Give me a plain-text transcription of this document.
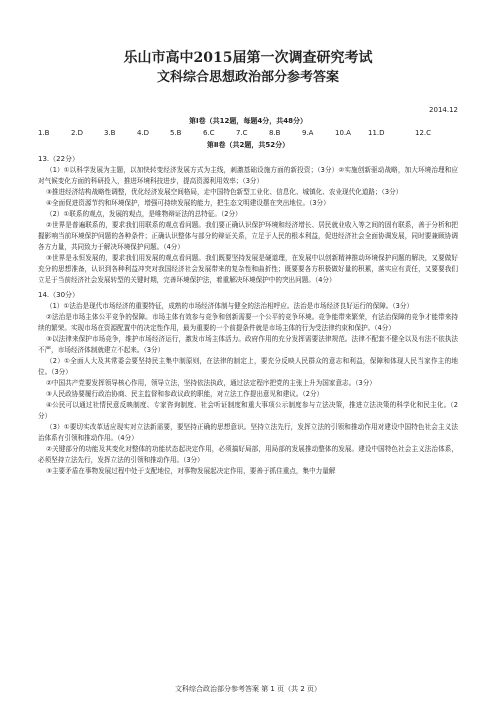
乐山市高中2015届第一次调查研究考试
文科综合思想政治部分参考答案
2014.12
第Ⅰ卷（共12题，每题4分，共48分）
1.B	2.D	3.B	4.D	5.B	6.C	7.C	8.B	9.A	10.A	11.D	12.C
第Ⅱ卷（共2题，共52分）
13.（22分）

（1）①以科学发展为主题，以加快转变经济发展方式为主线，刺激基础设施方面的新投资；（3分）②实施创新驱动战略，加大环境治理和应对气候变化方面的科研投入，推进环境科技进步，提高资源利用效率；（3分）

③推进经济结构战略性调整，优化经济发展空间格局，走中国特色新型工业化、信息化、城镇化、农业现代化道路；（3分）

④全面促进资源节约和环境保护，增强可持续发展的能力，把生态文明建设摆在突出地位。（3分）

（2）①联系的观点，发展的观点，是唯物辩证法的总特征。（2分）

②世界是普遍联系的，要求我们用联系的观点看问题。我们要正确认识保护环境和经济增长、居民就业收入等之间的固有联系，善于分析和把握影响当前环境保护问题的各种条件；正确认识整体与部分的辩证关系，立足于人民的根本利益，促进经济社会全面协调发展，同时要兼顾协调各方力量，共同致力于解决环境保护问题。（4分）

③世界是永恒发展的，要求我们用发展的观点看问题。我们既要坚持发展是硬道理，在发展中以创新精神推动环境保护问题的解决，又要做好充分的思想准备，认识到各种利益冲突对我国经济社会发展带来的复杂性和曲折性；既要要各方积极做好量的积累，落实应有责任，又要要我们立足于当前经济社会发展转型的关键时期，完善环境保护法，着重解决环境保护中的突出问题。（4分）

14.（30分）

（1）①法治是现代市场经济的重要特征，成熟的市场经济体制与健全的法治相呼应。法治是市场经济良好运行的保障。（3分）

②法治是市场主体公平竞争的保障。市场主体有效参与竞争和创新需要一个公平的竞争环境。竞争能带来繁荣，有法治保障的竞争才能带来持续的繁荣。实现市场在资源配置中的决定性作用，最为重要的一个前提条件就是市场主体的行为受法律约束和保护。（4分）

③以法律来保护市场竞争，维护市场经济运行，激发市场主体活力。政府作用的充分发挥需要法律规范。法律不配套不健全以及有法不依执法不严，市场经济体制就建立不起来。（3分）

（2）①全面人大及其常委会要坚持民主集中制原则，在法律的制定上，要充分反映人民群众的意志和利益，保障和体现人民当家作主的地位。（3分）

②中国共产党要发挥领导核心作用，领导立法，坚持依法执政，通过法定程序把党的主张上升为国家意志。（3分）

③人民政协要履行政治协商、民主监督和参政议政的职能，对立法工作提出意见和建议。（2分）

④公民可以通过社情民意反映制度、专家咨询制度、社会听证制度和重大事项公示制度参与立法决策，推进立法决策的科学化和民主化。（2分）

（3）①要切实改革适应现实对立法新需要，要坚持正确的思想意识。坚持立法先行，发挥立法的引领和推动作用对建设中国特色社会主义法治体系有引领和推动作用。（4分）

②关键部分的功能及其变化对整体的功能状态起决定作用，必须搞好局部，用局部的发展推动整体的发展。建设中国特色社会主义法治体系，必须坚持立法先行，发挥立法的引领和推动作用。（3分）

③主要矛盾在事物发展过程中处于支配地位，对事物发展起决定作用，要善于抓住重点，集中力量解

文科综合政治部分参考答案 第 1 页（共 2 页）
